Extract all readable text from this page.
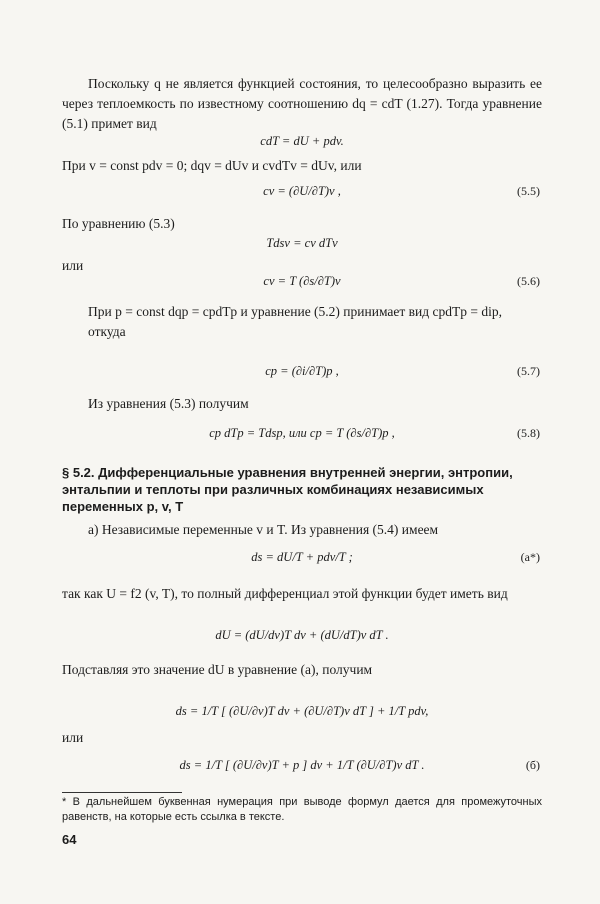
Поскольку q не является функцией состояния, то целесообразно выразить ее через теплоемкость по известному соотношению dq = cdT (1.27). Тогда уравнение (5.1) примет вид
cdT = dU + pdv.
При v = const pdv = 0; dqv = dUv и cvdTv = dUv, или
cv = (∂U/∂T)v ,	(5.5)
По уравнению (5.3)
Tdsv = cv dTv
или
cv = T (∂s/∂T)v	(5.6)
При p = const dqp = cpdTp и уравнение (5.2) принимает вид cpdTp = dip,
откуда
cp = (∂i/∂T)p ,	(5.7)
Из уравнения (5.3) получим
cp dTp = Tdsp, или cp = T (∂s/∂T)p ,	(5.8)
§ 5.2. Дифференциальные уравнения внутренней энергии, энтропии, энтальпии и теплоты при различных комбинациях независимых переменных p, v, T
а) Независимые переменные v и T. Из уравнения (5.4) имеем
ds = dU/T + pdv/T ;	(a*)
так как U = f2 (v, T), то полный дифференциал этой функции будет иметь вид
dU = (dU/dv)T dv + (dU/dT)v dT .
Подставляя это значение dU в уравнение (а), получим
ds = 1/T [ (∂U/∂v)T dv + (∂U/∂T)v dT ] + 1/T pdv,
или
ds = 1/T [ (∂U/∂v)T + p ] dv + 1/T (∂U/∂T)v dT .	(б)
* В дальнейшем буквенная нумерация при выводе формул дается для промежуточных равенств, на которые есть ссылка в тексте.
64
